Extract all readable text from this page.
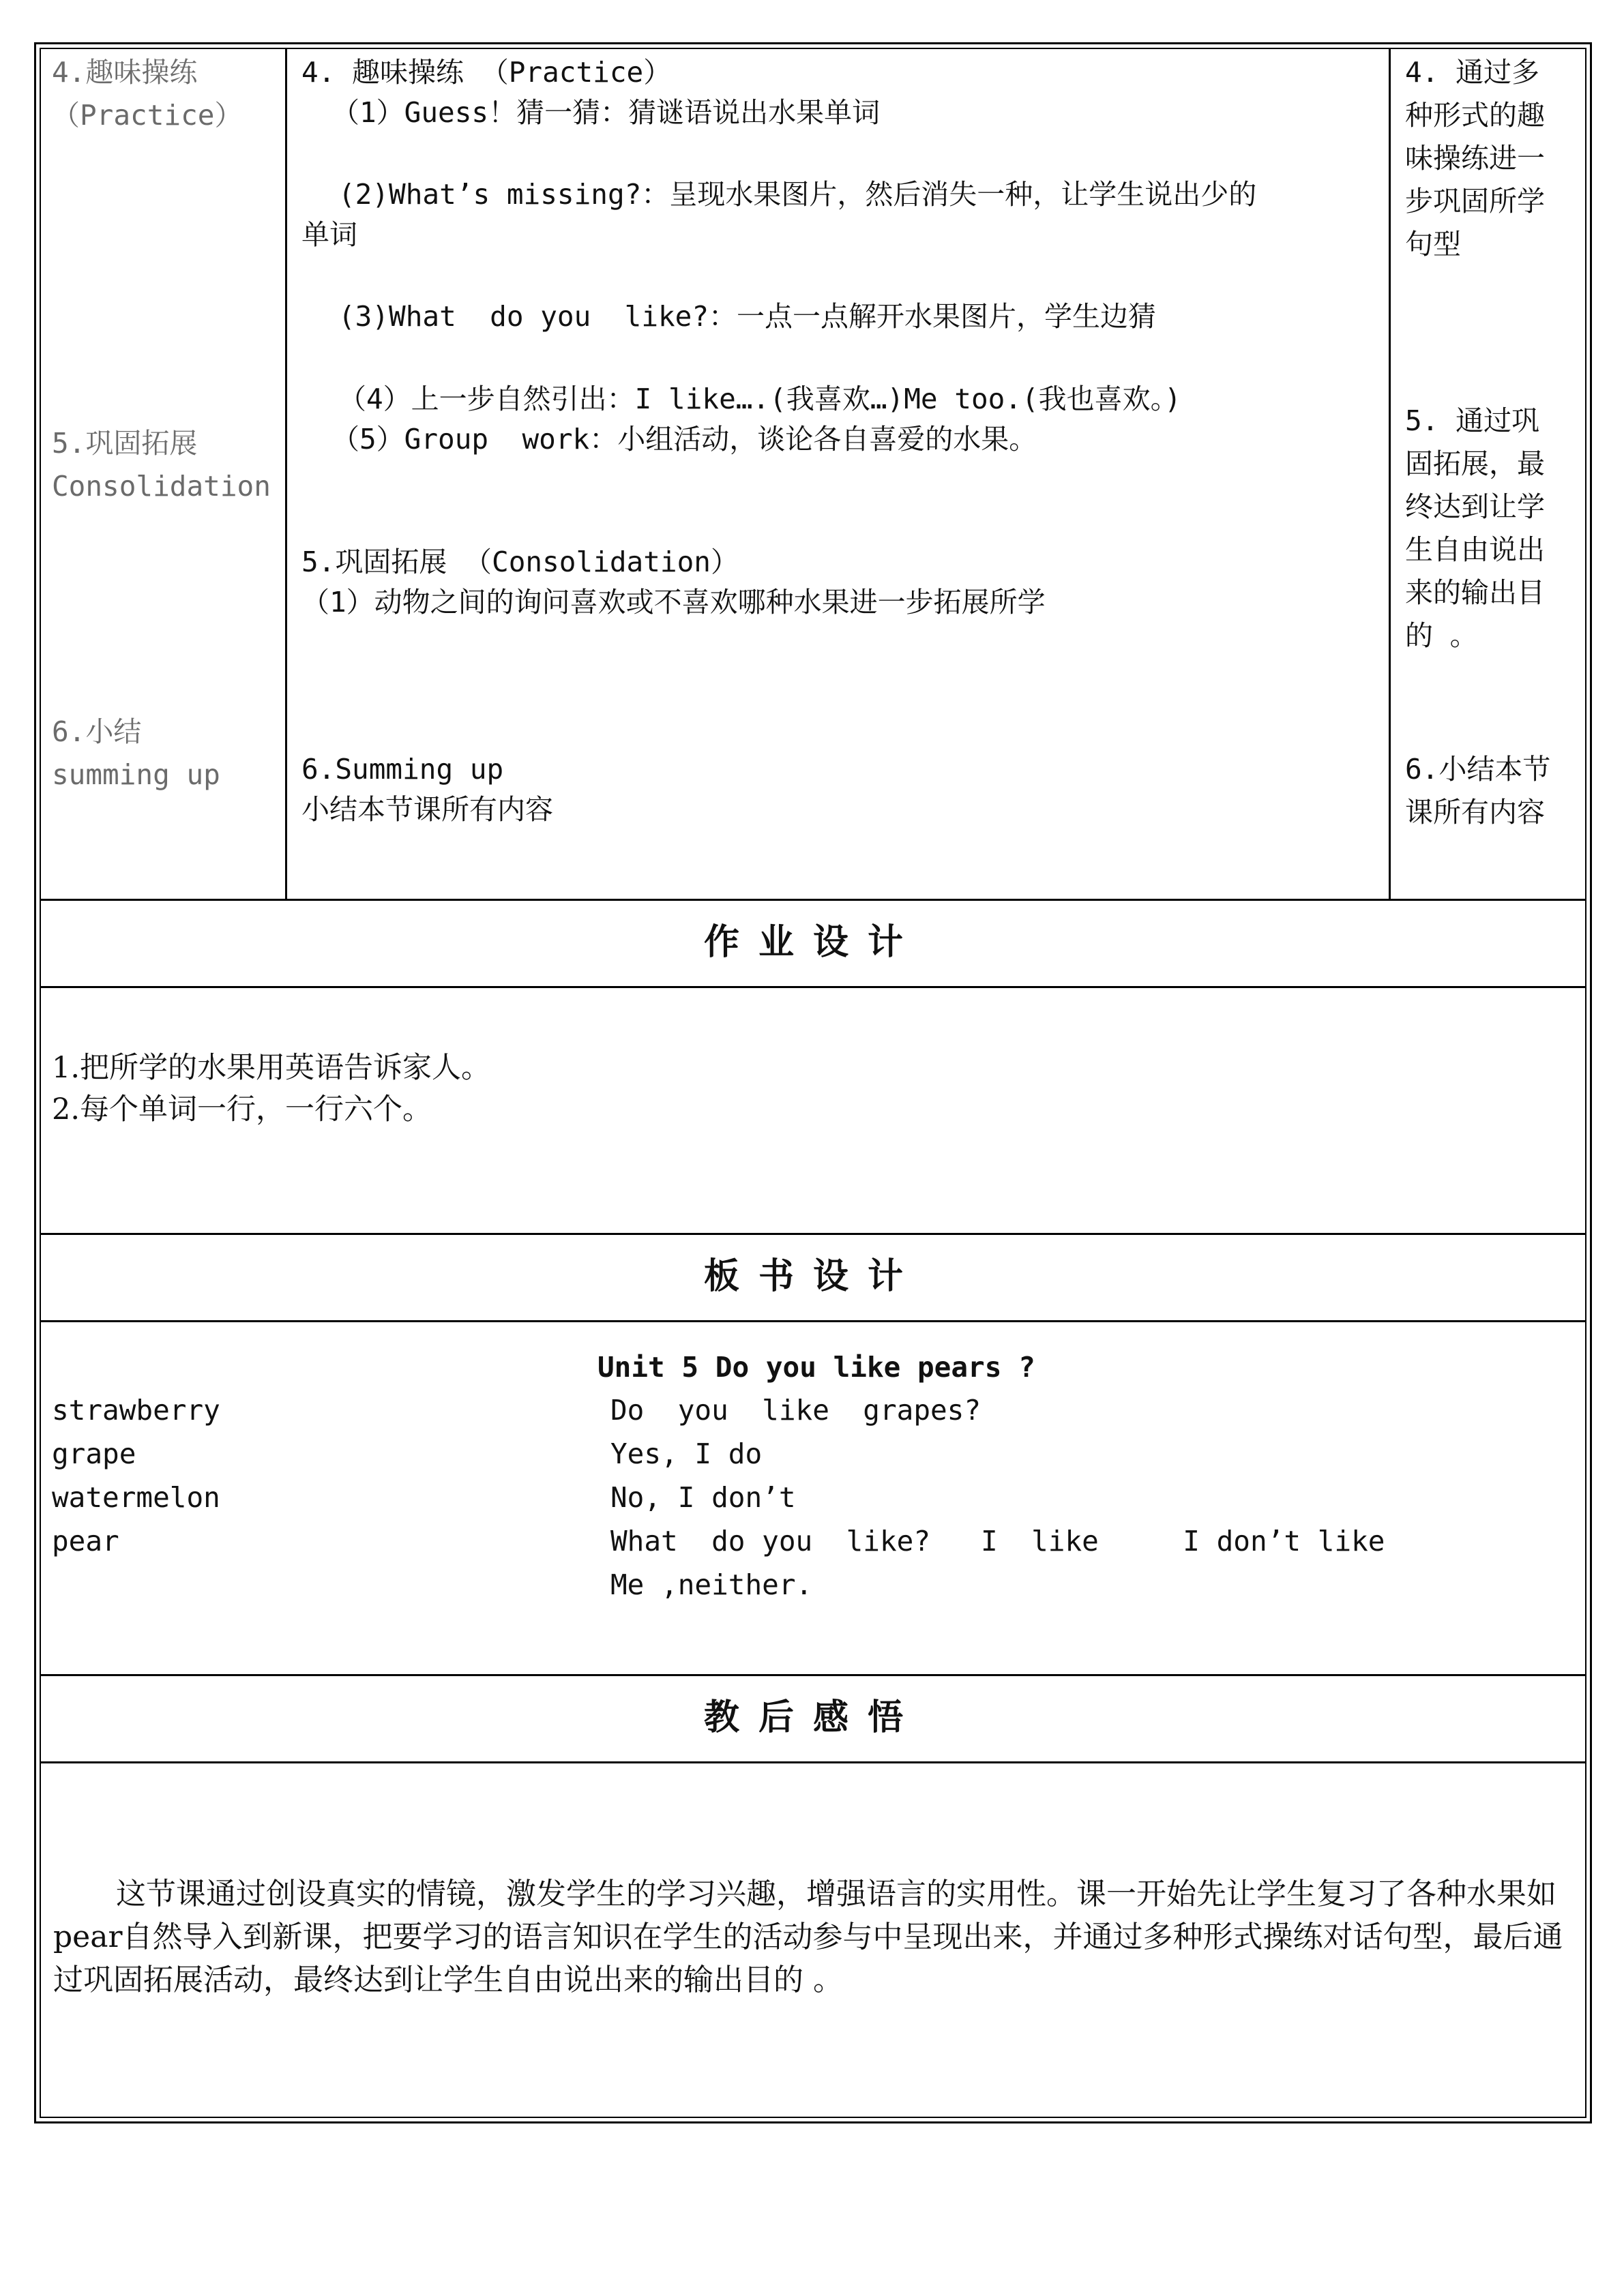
4.趣味操练
（Practice）
5.巩固拓展
Consolidation
6.小结
summing up
4. 趣味操练 （Practice）
（1）Guess！猜一猜：猜谜语说出水果单词
(2)What’s missing?：呈现水果图片，然后消失一种，让学生说出少的
单词
(3)What  do you  like?：一点一点解开水果图片，学生边猜
（4）上一步自然引出：I like….(我喜欢…)Me too.(我也喜欢。)
（5）Group  work：小组活动，谈论各自喜爱的水果。
5.巩固拓展 （Consolidation）
（1）动物之间的询问喜欢或不喜欢哪种水果进一步拓展所学
6.Summing up
小结本节课所有内容
4. 通过多
种形式的趣
味操练进一
步巩固所学
句型
5. 通过巩
固拓展，最
终达到让学
生自由说出
来的输出目
的 。
6.小结本节
课所有内容
作业设计
1.把所学的水果用英语告诉家人。
2.每个单词一行，一行六个。
板书设计
Unit 5 Do you like pears ?
strawberry
grape
watermelon
pear
Do  you  like  grapes?
Yes, I do
No, I don’t
What  do you  like?   I  like     I don’t like
Me ,neither.
教后感悟
这节课通过创设真实的情镜，激发学生的学习兴趣，增强语言的实用性。课一开始先让学生复习了各种水果如pear自然导入到新课，把要学习的语言知识在学生的活动参与中呈现出来，并通过多种形式操练对话句型，最后通过巩固拓展活动，最终达到让学生自由说出来的输出目的 。
